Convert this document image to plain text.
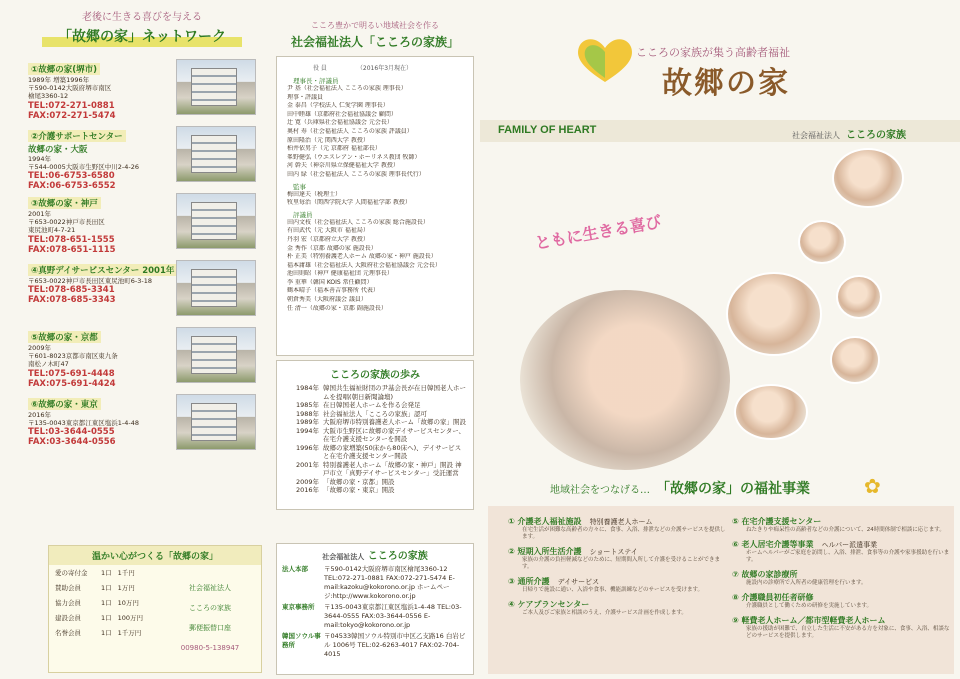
老後に生きる喜びを与える
「故郷の家」ネットワーク
①故郷の家(堺市)
1989年 増築1996年
〒590-0142大阪府堺市南区
檜尾3360-12
TEL:072-271-0881
FAX:072-271-5474
②介護サポートセンター
故郷の家・大阪
1994年
〒544-0005大阪市生野区中川2-4-26
TEL:06-6753-6580
FAX:06-6753-6552
③故郷の家・神戸
2001年
〒653-0022神戸市長田区
東尻池町4-7-21
TEL:078-651-1555
FAX:078-651-1115
④真野デイサービスセンター 2001年
〒653-0022神戸市長田区東尻池町6-3-18
TEL:078-685-3341
FAX:078-685-3343
⑤故郷の家・京都
2009年
〒601-8023京都市南区東九条
南松ノ木町47
TEL:075-691-4448
FAX:075-691-4424
⑥故郷の家・東京
2016年
〒135-0043東京都江東区塩浜1-4-48
TEL:03-3644-0555
FAX:03-3644-0556
温かい心がつくる「故郷の家」
愛の寄付金	1口 1千円
賛助会員	1口 1万円
協力会員	1口 10万円
建設会員	1口 100万円
名誉会員	1口 1千万円
社会福祉法人
こころの家族
郵便振替口座
00980-5-138947
こころ豊かで明るい地域社会を作る
社会福祉法人「こころの家族」
役 員	（2016年3月現在）
理事長・評議員
尹 基（社会福祉法人 こころの家族 理事長）
理事・評議員
金 泰昌（学校法人 仁愛学園 理事長）
田中睦雄（京都府社会福祉協議会 顧問）
辻 寛（兵庫県社会福祉協議会 元会長）
奥村 寿（社会福祉法人 こころの家族 評議員）
原田隆治（元 関西大学 教授）
柏井依男子（元 京都府 福祉部長）
峯野健弘（ウエスレアン・ホーリネス教団 牧師）
河 幹夫（神奈川県立保健福祉大学 教授）
田内 緑（社会福祉法人 こころの家族 理事長代行）
監事
梅田達夫（税理士）
牧里毎治（関西学院大学 人間福祉学部 教授）
評議員
田内文枝（社会福祉法人 こころの家族 総合施設長）
有田武代（元 大阪市 福祉局）
丹羽 宏（京都府立大学 教授）
金 秀作（京都 故郷の家 施設長）
朴 正美（特別養護老人ホーム 故郷の家・神戸 施設長）
福本庸雄（社会福祉法人 大阪府社会福祉協議会 元会長）
池田則昭（神戸 健康福祉団 元理事長）
李 重華（韓国 KOIS 常任顧問）
鶴本晴子（福本善吉事務所 代表）
朝倉秀美（大阪府議会 議員）
任 清一（故郷の家・京都 副施設長）
こころの家族の歩み
1984年 韓国共生福祉財団の尹基会長が在日韓国老人ホームを提唱(朝日新聞論壇)
1985年 在日韓国老人ホームを作る会発足
1988年 社会福祉法人「こころの家族」認可
1989年 大阪府堺市特別養護老人ホーム「故郷の家」開設
1994年 大阪市生野区に故郷の家デイサービスセンター、在宅介護支援センターを開設
1996年 故郷の家増築(50床から80床へ)、デイサービスと在宅介護支援センター開設
2001年 特別養護老人ホーム「故郷の家・神戸」開設 神戸市立「真野デイサービスセンター」受託運営
2009年 「故郷の家・京都」開設
2016年 「故郷の家・東京」開設
社会福祉法人 こころの家族
法人本部	〒590-0142大阪府堺市南区檜尾3360-12 TEL:072-271-0881 FAX:072-271-5474 E-mail:kazoku@kokorono.or.jp ホームページ:http://www.kokorono.or.jp
東京事務所	〒135-0043東京都江東区塩浜1-4-48 TEL:03-3644-0555 FAX:03-3644-0556 E-mail:tokyo@kokorono.or.jp
韓国ソウル事務所
〒04533韓国ソウル特別市中区乙支路16 白岩ビル 1006号 TEL:02-6263-4017 FAX:02-704-4015
こころの家族が集う高齢者福祉
故郷の家
FAMILY OF HEART	社会福祉法人 こころの家族
ともに生きる喜び
地域社会をつなげる… 「故郷の家」の福祉事業	✿
① 介護老人福祉施設 特別養護老人ホーム
在宅生活が困難な高齢者の方々に、食事、入浴、排泄などの介護サービスを提供します。
② 短期入所生活介護 ショートステイ
家族の介護の負担軽減などのために、短期間入所して介護を受けることができます。
③ 通所介護 デイサービス
日帰りで施設に通い、入浴や食事、機能訓練などのサービスを受けます。
④ ケアプランセンター
ご本人及びご家族と相談のうえ、介護サービス計画を作成します。
⑤ 在宅介護支援センター
ねたきりや痴呆性の高齢者などの介護について、24時間体制で相談に応じます。
⑥ 老人居宅介護等事業 ヘルパー派遣事業
ホームヘルパーがご家庭を訪問し、入浴、排泄、食事等の介護や家事援助を行います。
⑦ 故郷の家診療所
施設内の診療所で入所者の健康管理を行います。
⑧ 介護職員初任者研修
介護職員として働くための研修を実施しています。
⑨ 軽費老人ホーム／都市型軽費老人ホーム
家族の援助が困難で、自立した生活に不安がある方を対象に、食事、入浴、相談などのサービスを提供します。
